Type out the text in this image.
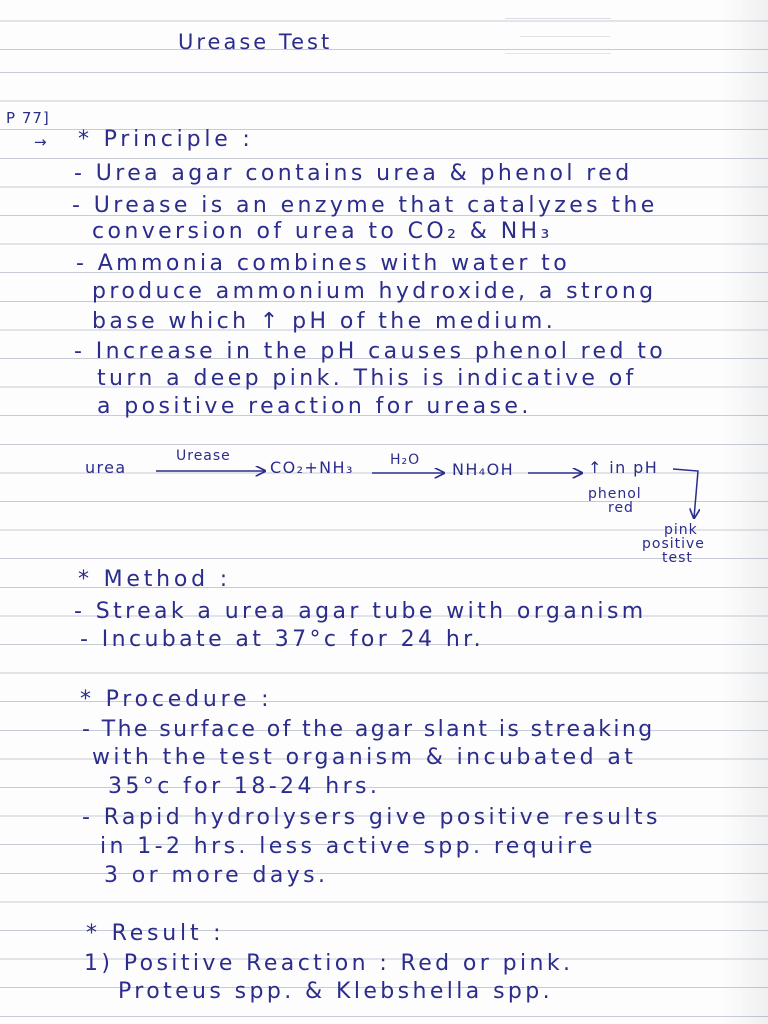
Urease Test
P 77]
→	* Principle :
- Urea agar contains urea & phenol red
- Urease is an enzyme that catalyzes the
conversion of urea to CO₂ & NH₃
- Ammonia combines with water to
produce ammonium hydroxide, a strong
base which ↑ pH of the medium.
- Increase in the pH causes phenol red to
turn a deep pink. This is indicative of
a positive reaction for urease.
urea
Urease
CO₂+NH₃	H₂O NH₄OH	↑ in pH
phenol
red
pink
positive
test
* Method :
- Streak a urea agar tube with organism
- Incubate at 37°c for 24 hr.
* Procedure :
- The surface of the agar slant is streaking
with the test organism & incubated at
35°c for 18-24 hrs.
- Rapid hydrolysers give positive results
in 1-2 hrs. less active spp. require
3 or more days.
* Result :
1) Positive Reaction : Red or pink.
Proteus spp. & Klebshella spp.
